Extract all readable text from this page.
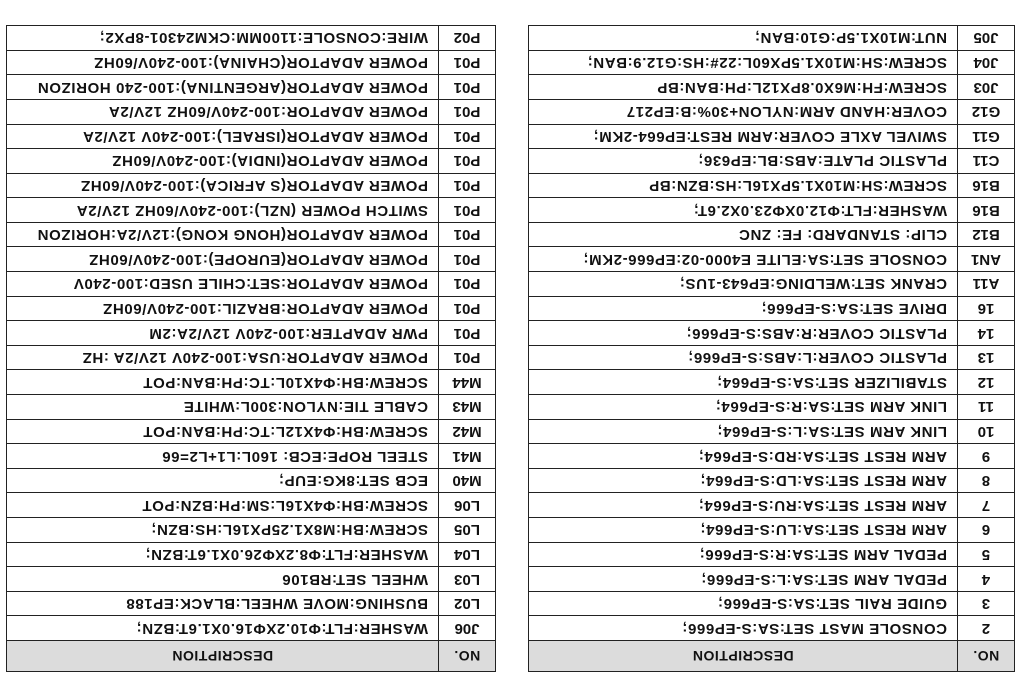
NO.	DESCRIPTION
2	CONSOLE MAST SET:SA:S-EP666;
3	GUIDE RAIL SET:SA:S-EP666;
4	PEDAL ARM SET:SA:L:S-EP666;
5	PEDAL ARM SET:SA:R:S-EP666;
6	ARM REST SET:SA:LU:S-EP664;
7	ARM REST SET:SA:RU:S-EP664;
8	ARM REST SET:SA:LD:S-EP664;
9	ARM REST SET:SA:RD:S-EP664;
10	LINK ARM SET:SA:L:S-EP664;
11	LINK ARM SET:SA:R:S-EP664;
12	STABILIZER SET:SA:S-EP664;
13	PLASTIC COVER:L:ABS:S-EP666;
14	PLASTIC COVER:R:ABS:S-EP666;
16	DRIVE SET:SA:S-EP666;
A11	CRANK SET:WELDING:EP643-1US;
AN1	CONSOLE SET:SA:ELITE E4000-02:EP666-2KM;
B12	CLIP: STANDARD: FE: ZNC
B16	WASHER:FLT:Φ12.0XΦ23.0X2.6T;
B16	SCREW:SH:M10X1.5PX16L:HS:BZN:BP
C11	PLASTIC PLATE:ABS:BL:EP636;
G11	SWIVEL AXLE COVER:ARM REST:EP664-2KM;
G12	COVER:HAND ARM:NYLON+30%:B:EP217
J03	SCREW:FH:M6X0.8PX12L:PH:BAN:BP
J04	SCREW:SH:M10X1.5PX60L:22#:HS:G12.9:BAN;
J05	NUT:M10X1.5P:G10:BAN;
NO.	DESCRIPTION
J06	WASHER:FLT:Φ10.2XΦ16.0X1.6T:BZN;
L02	BUSHING:MOVE WHEEL:BLACK:EP188
L03	WHEEL SET:RB106
L04	WASHER:FLT:Φ8.2XΦ26.0X1.6T:BZN;
L05	SCREW:BH:M8X1.25PX16L:HS:BZN;
L06	SCREW:BH:Φ4X16L:SM:PH:BZN:POT
M40	ECB SET:8KG:EUP;
M41	STEEL ROPE:ECB: 160L:L1+L2=66
M42	SCREW:BH:Φ4X12L:TC:PH:BAN:POT
M43	CABLE TIE:NYLON:300L:WHITE
M44	SCREW:BH:Φ4X10L:TC:PH:BAN:POT
P01	POWER ADAPTOR:USA:100-240V 12V/2A :HZ
P01	PWR ADAPTER:100-240V 12V/2A:2M
P01	POWER ADAPTOR:BRAZIL:100-240V/60HZ
P01	POWER ADAPTOR:SET:CHILE USED:100-240V
P01	POWER ADAPTOR(EUROPE):100-240V/60HZ
P01	POWER ADAPTOR(HONG KONG):12V/2A:HORIZON
P01	SWITCH POWER (NZL):100-240V/60HZ 12V/2A
P01	POWER ADAPTOR(S AFRICA):100-240V/60HZ
P01	POWER ADAPTOR(INDIA):100-240V/60HZ
P01	POWER ADAPTOR(ISRAEL):100-240V 12V/2A
P01	POWER ADAPTOR:100-240V/60HZ 12V/2A
P01	POWER ADAPTOR(ARGENTINA):100-240 HORIZON
P01	POWER ADAPTOR(CHAINA):100-240V/60HZ
P02	WIRE:CONSOLE:1100MM:CKM24301-8PX2;
